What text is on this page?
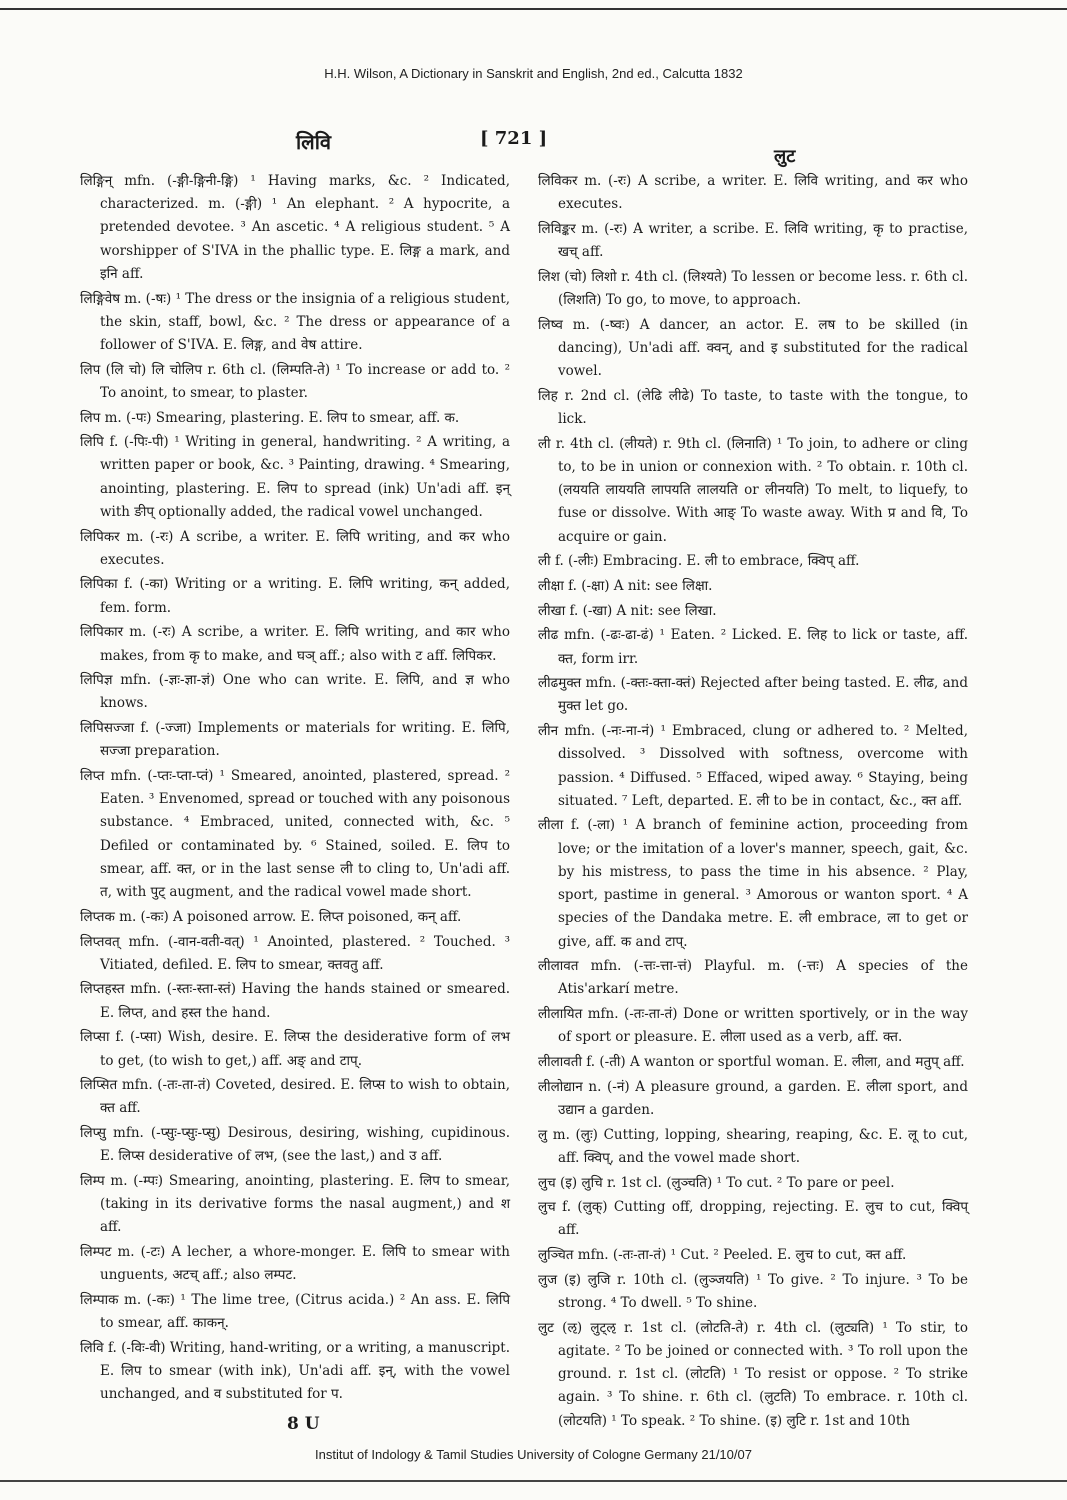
H.H. Wilson, A Dictionary in Sanskrit and English, 2nd ed., Calcutta 1832
लिवि	[ 721 ]
लुट

लिङ्गिन् mfn. (-ङ्गी-ङ्गिनी-ङ्गि) ¹ Having marks, &c. ² Indicated, characterized. m. (-ङ्गी) ¹ An elephant. ² A hypocrite, a pretended devotee. ³ An ascetic. ⁴ A religious student. ⁵ A worshipper of S'IVA in the phallic type. E. लिङ्ग a mark, and इनि aff.

लिङ्गिवेष m. (-षः) ¹ The dress or the insignia of a religious student, the skin, staff, bowl, &c. ² The dress or appearance of a follower of S'IVA. E. लिङ्ग, and वेष attire.

लिप (लि चो) लि चोलिप r. 6th cl. (लिम्पति-ते) ¹ To increase or add to. ² To anoint, to smear, to plaster.

लिप m. (-पः) Smearing, plastering. E. लिप to smear, aff. क.

लिपि f. (-पिः-पी) ¹ Writing in general, handwriting. ² A writing, a written paper or book, &c. ³ Painting, drawing. ⁴ Smearing, anointing, plastering. E. लिप to spread (ink) Un'adi aff. इन् with ङीप् optionally added, the radical vowel unchanged.

लिपिकर m. (-रः) A scribe, a writer. E. लिपि writing, and कर who executes.

लिपिका f. (-का) Writing or a writing. E. लिपि writing, कन् added, fem. form.

लिपिकार m. (-रः) A scribe, a writer. E. लिपि writing, and कार who makes, from कृ to make, and घञ् aff.; also with ट aff. लिपिकर.

लिपिज्ञ mfn. (-ज्ञः-ज्ञा-ज्ञं) One who can write. E. लिपि, and ज्ञ who knows.

लिपिसज्जा f. (-ज्जा) Implements or materials for writing. E. लिपि, सज्जा preparation.

लिप्त mfn. (-प्तः-प्ता-प्तं) ¹ Smeared, anointed, plastered, spread. ² Eaten. ³ Envenomed, spread or touched with any poisonous substance. ⁴ Embraced, united, connected with, &c. ⁵ Defiled or contaminated by. ⁶ Stained, soiled. E. लिप to smear, aff. क्त, or in the last sense ली to cling to, Un'adi aff. त, with पुट् augment, and the radical vowel made short.

लिप्तक m. (-कः) A poisoned arrow. E. लिप्त poisoned, कन् aff.

लिप्तवत् mfn. (-वान-वती-वत्) ¹ Anointed, plastered. ² Touched. ³ Vitiated, defiled. E. लिप to smear, क्तवतु aff.

लिप्तहस्त mfn. (-स्तः-स्ता-स्तं) Having the hands stained or smeared. E. लिप्त, and हस्त the hand.

लिप्सा f. (-प्सा) Wish, desire. E. लिप्स the desiderative form of लभ to get, (to wish to get,) aff. अङ् and टाप्.

लिप्सित mfn. (-तः-ता-तं) Coveted, desired. E. लिप्स to wish to obtain, क्त aff.

लिप्सु mfn. (-प्सुः-प्सुः-प्सु) Desirous, desiring, wishing, cupidinous. E. लिप्स desiderative of लभ, (see the last,) and उ aff.

लिम्प m. (-म्पः) Smearing, anointing, plastering. E. लिप to smear, (taking in its derivative forms the nasal augment,) and श aff.

लिम्पट m. (-टः) A lecher, a whore-monger. E. लिपि to smear with unguents, अटच् aff.; also लम्पट.

लिम्पाक m. (-कः) ¹ The lime tree, (Citrus acida.) ² An ass. E. लिपि to smear, aff. काकन्.

लिवि f. (-विः-वी) Writing, hand-writing, or a writing, a manuscript. E. लिप to smear (with ink), Un'adi aff. इन्, with the vowel unchanged, and व substituted for प.

लिविकर m. (-रः) A scribe, a writer. E. लिवि writing, and कर who executes.

लिविङ्कर m. (-रः) A writer, a scribe. E. लिवि writing, कृ to practise, खच् aff.

लिश (चो) लिशो r. 4th cl. (लिश्यते) To lessen or become less. r. 6th cl. (लिशति) To go, to move, to approach.

लिष्व m. (-ष्वः) A dancer, an actor. E. लष to be skilled (in dancing), Un'adi aff. क्वन्, and इ substituted for the radical vowel.

लिह r. 2nd cl. (लेढि लीढे) To taste, to taste with the tongue, to lick.

ली r. 4th cl. (लीयते) r. 9th cl. (लिनाति) ¹ To join, to adhere or cling to, to be in union or connexion with. ² To obtain. r. 10th cl. (लययति लाययति लापयति लालयति or लीनयति) To melt, to liquefy, to fuse or dissolve. With आङ् To waste away. With प्र and वि, To acquire or gain.

ली f. (-लीः) Embracing. E. ली to embrace, क्विप् aff.

लीक्षा f. (-क्षा) A nit: see लिक्षा.

लीखा f. (-खा) A nit: see लिखा.

लीढ mfn. (-ढः-ढा-ढं) ¹ Eaten. ² Licked. E. लिह to lick or taste, aff. क्त, form irr.

लीढमुक्त mfn. (-क्तः-क्ता-क्तं) Rejected after being tasted. E. लीढ, and मुक्त let go.

लीन mfn. (-नः-ना-नं) ¹ Embraced, clung or adhered to. ² Melted, dissolved. ³ Dissolved with softness, overcome with passion. ⁴ Diffused. ⁵ Effaced, wiped away. ⁶ Staying, being situated. ⁷ Left, departed. E. ली to be in contact, &c., क्त aff.

लीला f. (-ला) ¹ A branch of feminine action, proceeding from love; or the imitation of a lover's manner, speech, gait, &c. by his mistress, to pass the time in his absence. ² Play, sport, pastime in general. ³ Amorous or wanton sport. ⁴ A species of the Dandaka metre. E. ली embrace, ला to get or give, aff. क and टाप्.

लीलावत mfn. (-त्तः-त्ता-त्तं) Playful. m. (-त्तः) A species of the Atis'arkarí metre.

लीलायित mfn. (-तः-ता-तं) Done or written sportively, or in the way of sport or pleasure. E. लीला used as a verb, aff. क्त.

लीलावती f. (-ती) A wanton or sportful woman. E. लीला, and मतुप् aff.

लीलोद्यान n. (-नं) A pleasure ground, a garden. E. लीला sport, and उद्यान a garden.

लु m. (लुः) Cutting, lopping, shearing, reaping, &c. E. लू to cut, aff. क्विप्, and the vowel made short.

लुच (इ) लुचि r. 1st cl. (लुञ्चति) ¹ To cut. ² To pare or peel.

लुच f. (लुक्) Cutting off, dropping, rejecting. E. लुच to cut, क्विप् aff.

लुञ्चित mfn. (-तः-ता-तं) ¹ Cut. ² Peeled. E. लुच to cut, क्त aff.

लुज (इ) लुजि r. 10th cl. (लुञ्जयति) ¹ To give. ² To injure. ³ To be strong. ⁴ To dwell. ⁵ To shine.

लुट (ऌ) लुट्ऌ r. 1st cl. (लोटति-ते) r. 4th cl. (लुट्यति) ¹ To stir, to agitate. ² To be joined or connected with. ³ To roll upon the ground. r. 1st cl. (लोटति) ¹ To resist or oppose. ² To strike again. ³ To shine. r. 6th cl. (लुटति) To embrace. r. 10th cl. (लोटयति) ¹ To speak. ² To shine. (इ) लुटि r. 1st and 10th

8 U
Institut of Indology & Tamil Studies University of Cologne Germany 21/10/07
